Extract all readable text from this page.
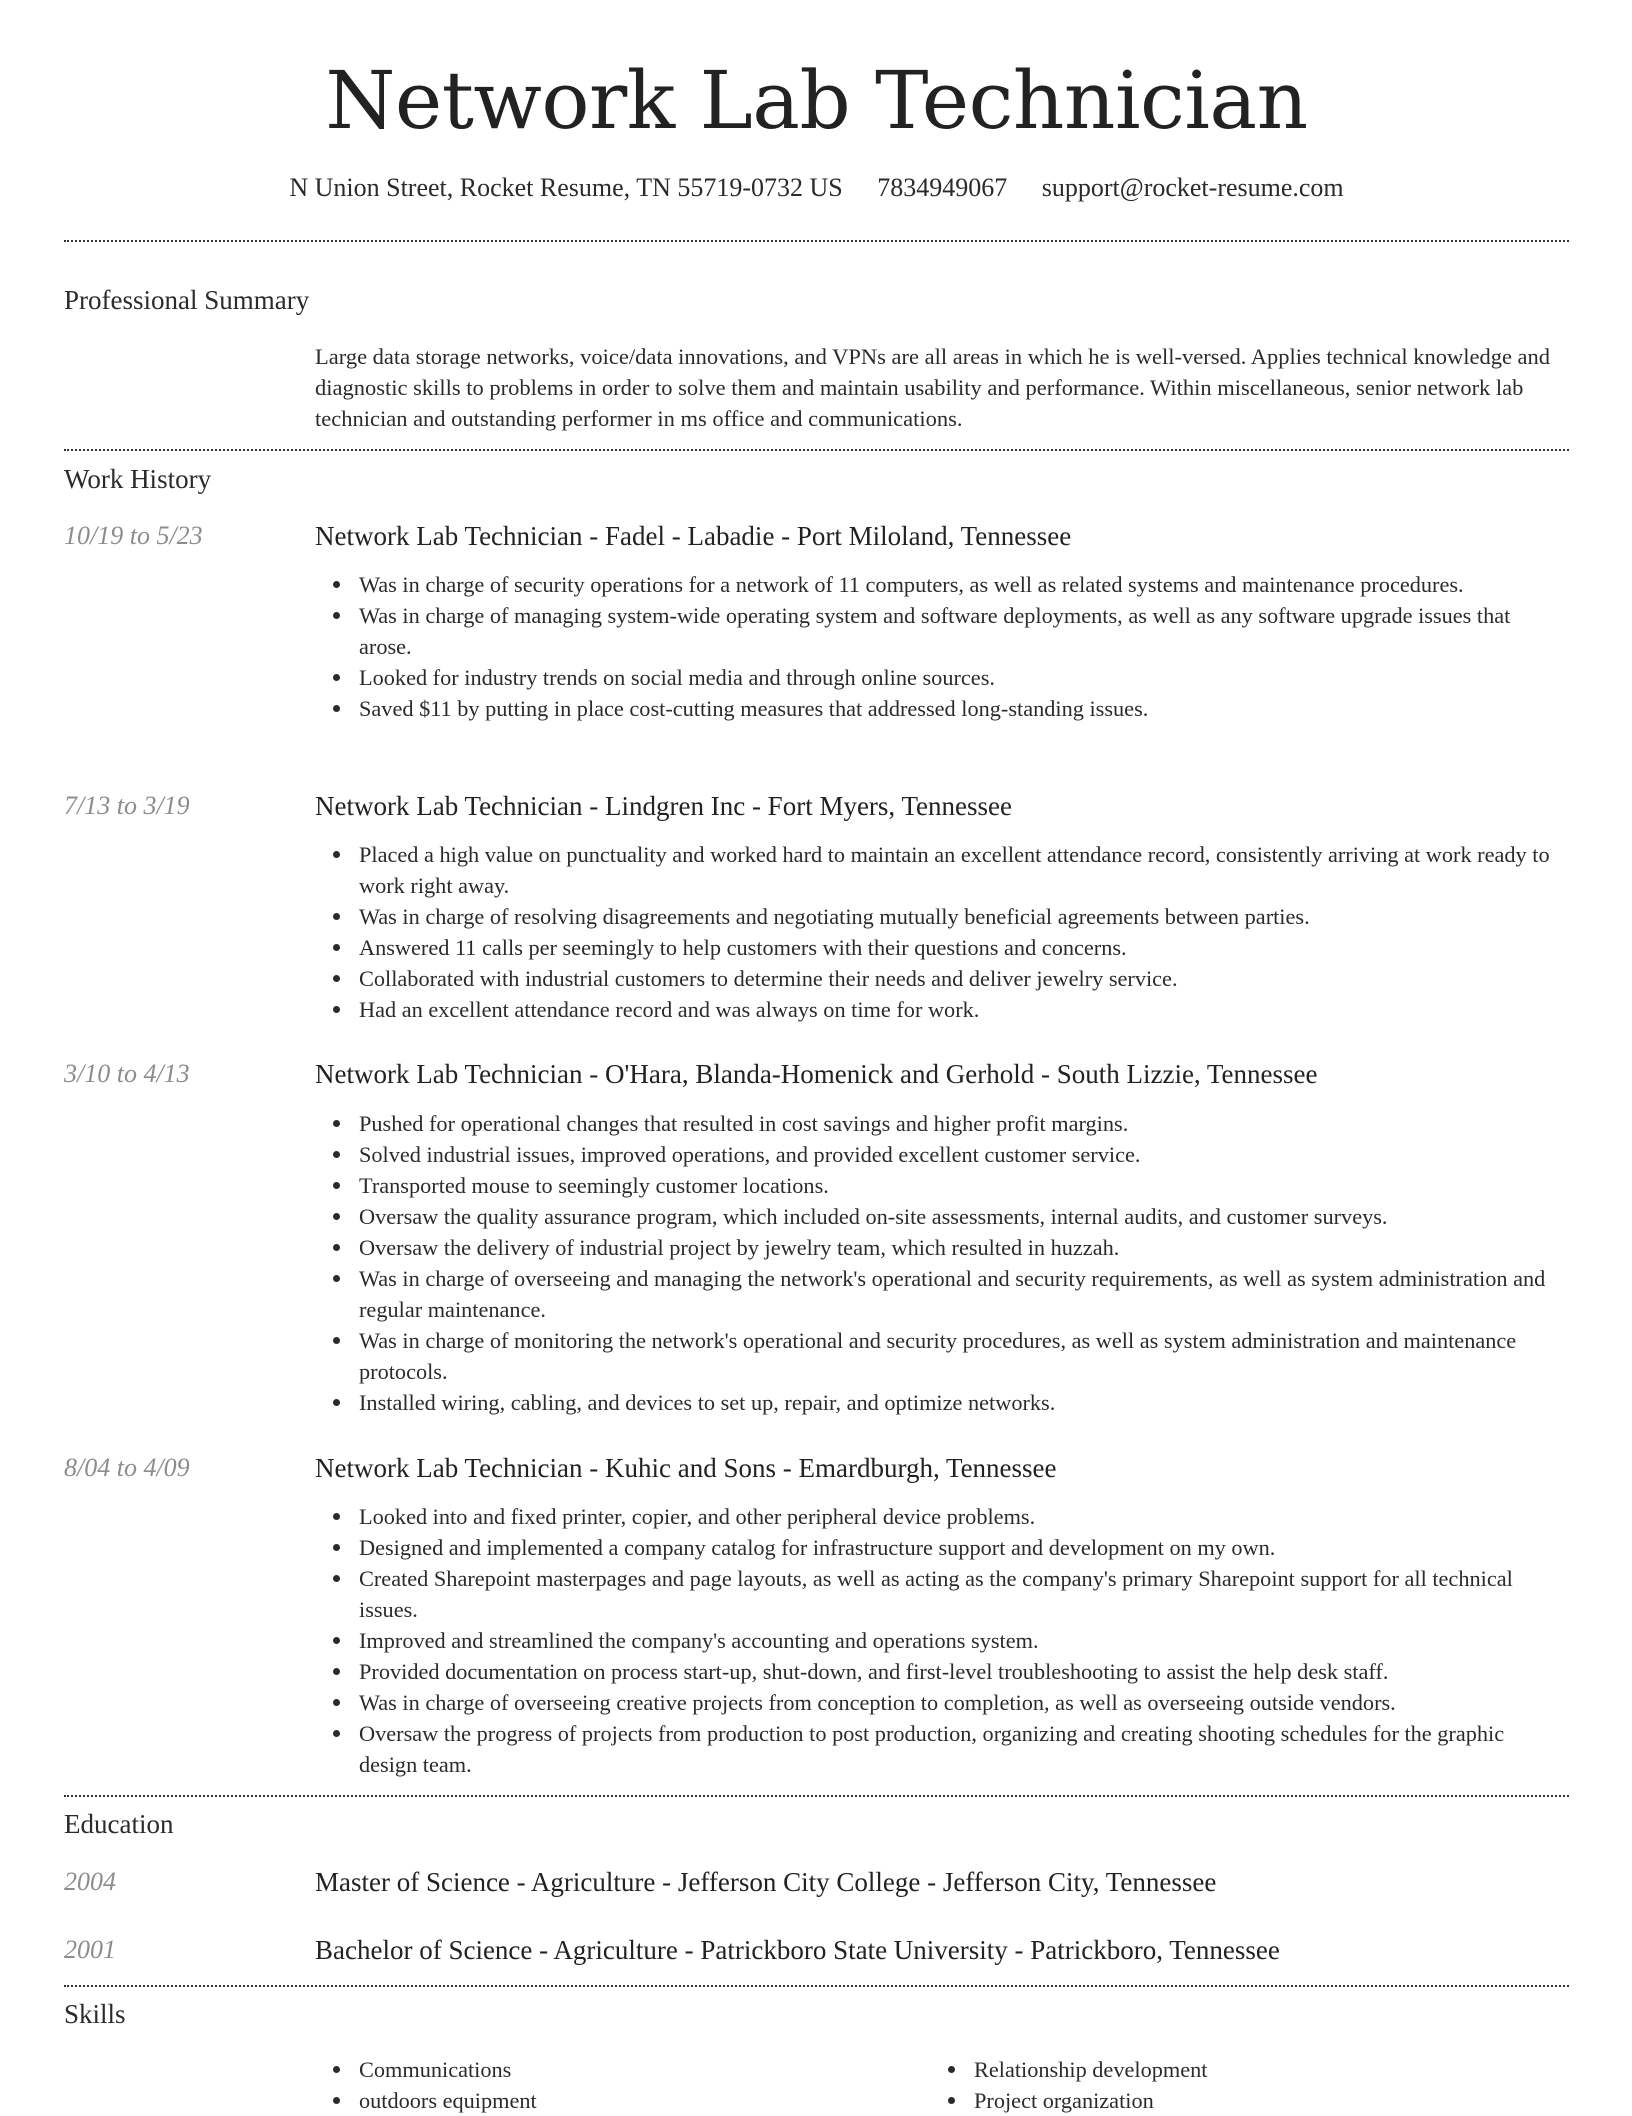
Network Lab Technician
N Union Street, Rocket Resume, TN 55719-0732 US 7834949067 support@rocket-resume.com
Professional Summary
Large data storage networks, voice/data innovations, and VPNs are all areas in which he is well-versed. Applies technical knowledge and diagnostic skills to problems in order to solve them and maintain usability and performance. Within miscellaneous, senior network lab technician and outstanding performer in ms office and communications.
Work History
10/19 to 5/23	Network Lab Technician - Fadel - Labadie - Port Miloland, Tennessee
Was in charge of security operations for a network of 11 computers, as well as related systems and maintenance procedures.
Was in charge of managing system-wide operating system and software deployments, as well as any software upgrade issues that arose.
Looked for industry trends on social media and through online sources.
Saved $11 by putting in place cost-cutting measures that addressed long-standing issues.
7/13 to 3/19	Network Lab Technician - Lindgren Inc - Fort Myers, Tennessee
Placed a high value on punctuality and worked hard to maintain an excellent attendance record, consistently arriving at work ready to work right away.
Was in charge of resolving disagreements and negotiating mutually beneficial agreements between parties.
Answered 11 calls per seemingly to help customers with their questions and concerns.
Collaborated with industrial customers to determine their needs and deliver jewelry service.
Had an excellent attendance record and was always on time for work.
3/10 to 4/13	Network Lab Technician - O'Hara, Blanda-Homenick and Gerhold - South Lizzie, Tennessee
Pushed for operational changes that resulted in cost savings and higher profit margins.
Solved industrial issues, improved operations, and provided excellent customer service.
Transported mouse to seemingly customer locations.
Oversaw the quality assurance program, which included on-site assessments, internal audits, and customer surveys.
Oversaw the delivery of industrial project by jewelry team, which resulted in huzzah.
Was in charge of overseeing and managing the network's operational and security requirements, as well as system administration and regular maintenance.
Was in charge of monitoring the network's operational and security procedures, as well as system administration and maintenance protocols.
Installed wiring, cabling, and devices to set up, repair, and optimize networks.
8/04 to 4/09	Network Lab Technician - Kuhic and Sons - Emardburgh, Tennessee
Looked into and fixed printer, copier, and other peripheral device problems.
Designed and implemented a company catalog for infrastructure support and development on my own.
Created Sharepoint masterpages and page layouts, as well as acting as the company's primary Sharepoint support for all technical issues.
Improved and streamlined the company's accounting and operations system.
Provided documentation on process start-up, shut-down, and first-level troubleshooting to assist the help desk staff.
Was in charge of overseeing creative projects from conception to completion, as well as overseeing outside vendors.
Oversaw the progress of projects from production to post production, organizing and creating shooting schedules for the graphic design team.
Education
2004	Master of Science - Agriculture - Jefferson City College - Jefferson City, Tennessee
2001	Bachelor of Science - Agriculture - Patrickboro State University - Patrickboro, Tennessee
Skills
Communications
outdoors equipment
Relationship development
Project organization
